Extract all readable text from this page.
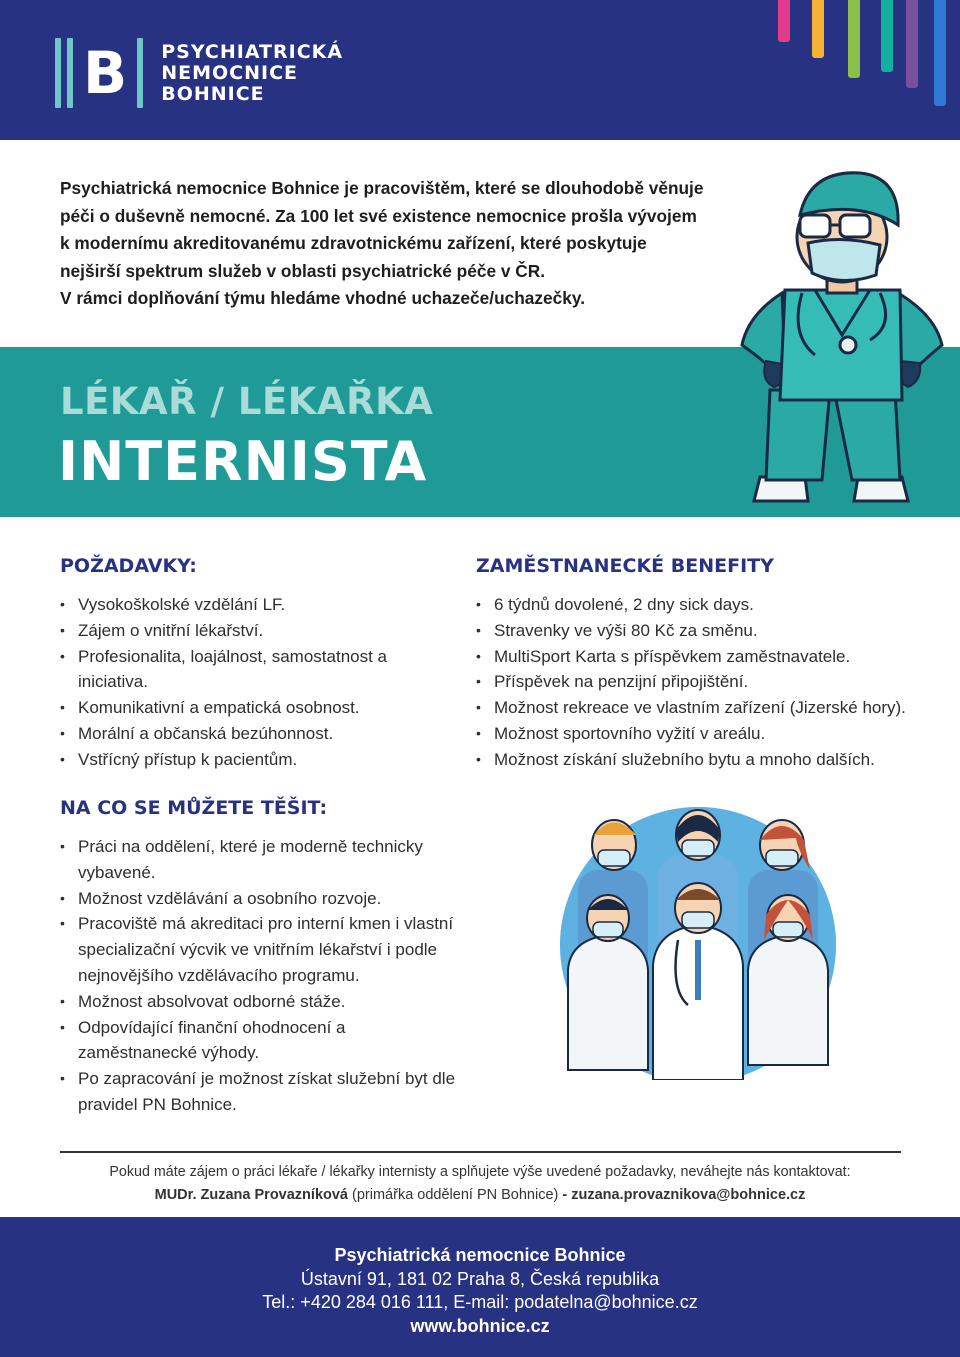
B PSYCHIATRICKÁ
NEMOCNICE
BOHNICE

Psychiatrická nemocnice Bohnice je pracovištěm, které se dlouhodobě věnuje

péči o duševně nemocné. Za 100 let své existence nemocnice prošla vývojem

k modernímu akreditovanému zdravotnickému zařízení, které poskytuje

nejširší spektrum služeb v oblasti psychiatrické péče v ČR.

V rámci doplňování týmu hledáme vhodné uchazeče/uchazečky.

LÉKAŘ / LÉKAŘKA
INTERNISTA
POŽADAVKY:
• Vysokoškolské vzdělání LF.
• Zájem o vnitřní lékařství.
• Profesionalita, loajálnost, samostatnost a iniciativa.
• Komunikativní a empatická osobnost.
• Morální a občanská bezúhonnost.
• Vstřícný přístup k pacientům.
ZAMĚSTNANECKÉ BENEFITY
• 6 týdnů dovolené, 2 dny sick days.
• Stravenky ve výši 80 Kč za směnu.
• MultiSport Karta s příspěvkem zaměstnavatele.
• Příspěvek na penzijní připojištění.
• Možnost rekreace ve vlastním zařízení (Jizerské hory).
• Možnost sportovního vyžití v areálu.
• Možnost získání služebního bytu a mnoho dalších.
NA CO SE MŮŽETE TĚŠIT:
• Práci na oddělení, které je moderně technicky vybavené.
• Možnost vzdělávání a osobního rozvoje.
• Pracoviště má akreditaci pro interní kmen i vlastní specializační výcvik ve vnitřním lékařství i podle nejnovějšího vzdělávacího programu.
• Možnost absolvovat odborné stáže.
• Odpovídající finanční ohodnocení a zaměstnanecké výhody.
• Po zapracování je možnost získat služební byt dle pravidel PN Bohnice.
Pokud máte zájem o práci lékaře / lékařky internisty a splňujete výše uvedené požadavky, neváhejte nás kontaktovat:
MUDr. Zuzana Provazníková (primářka oddělení PN Bohnice) - zuzana.provaznikova@bohnice.cz
Psychiatrická nemocnice Bohnice
Ústavní 91, 181 02 Praha 8, Česká republika
Tel.: +420 284 016 111, E-mail: podatelna@bohnice.cz
www.bohnice.cz
